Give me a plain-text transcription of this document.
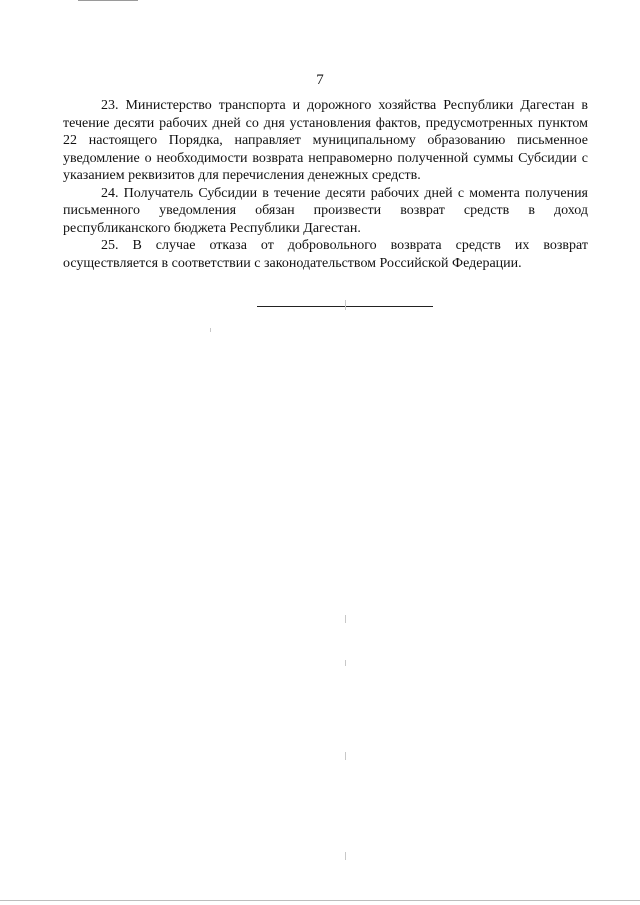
7

23. Министерство транспорта и дорожного хозяйства Республики Дагестан в течение десяти рабочих дней со дня установления фактов, предусмотренных пунктом 22 настоящего Порядка, направляет муниципальному образованию письменное уведомление о необходимости возврата неправомерно полученной суммы Субсидии с указанием реквизитов для перечисления денежных средств.

24. Получатель Субсидии в течение десяти рабочих дней с момента получения письменного уведомления обязан произвести возврат средств в доход республиканского бюджета Республики Дагестан.

25. В случае отказа от добровольного возврата средств их возврат осуществляется в соответствии с законодательством Российской Федерации.
